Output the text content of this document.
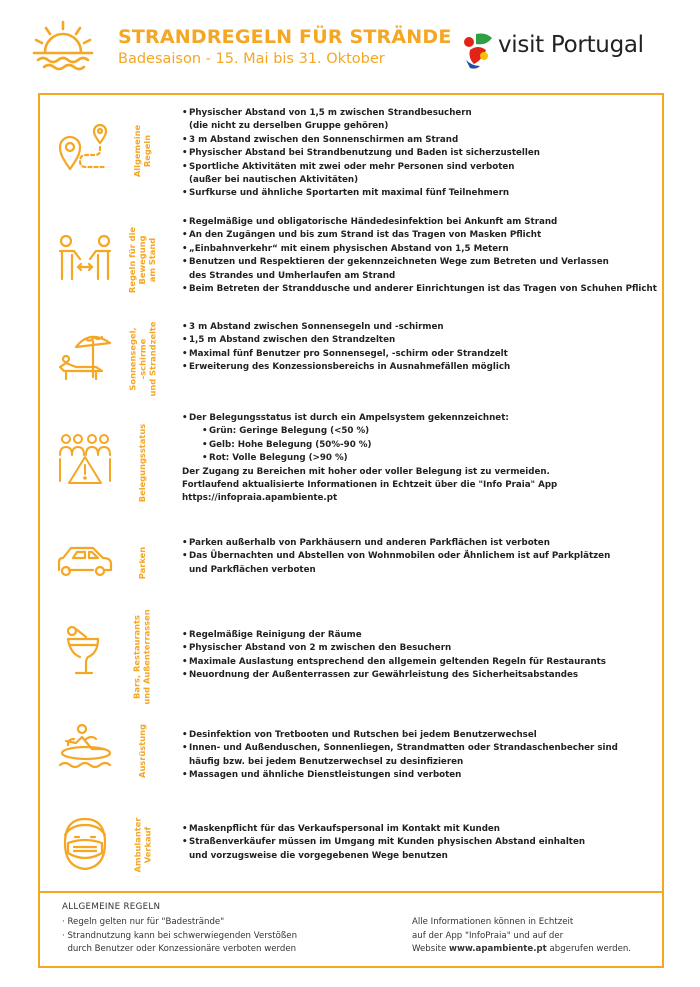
STRANDREGELN FÜR STRÄNDE
Badesaison - 15. Mai bis 31. Oktober
visit Portugal
Allgemeine Regeln
• Physischer Abstand von 1,5 m zwischen Strandbesuchern
(die nicht zu derselben Gruppe gehören)
• 3 m Abstand zwischen den Sonnenschirmen am Strand
• Physischer Abstand bei Strandbenutzung und Baden ist sicherzustellen
• Sportliche Aktivitäten mit zwei oder mehr Personen sind verboten
(außer bei nautischen Aktivitäten)
• Surfkurse und ähnliche Sportarten mit maximal fünf Teilnehmern
Regeln für die Bewegung am Stand
• Regelmäßige und obligatorische Händedesinfektion bei Ankunft am Strand
• An den Zugängen und bis zum Strand ist das Tragen von Masken Pflicht
• „Einbahnverkehr“ mit einem physischen Abstand von 1,5 Metern
• Benutzen und Respektieren der gekennzeichneten Wege zum Betreten und Verlassen
des Strandes und Umherlaufen am Strand
• Beim Betreten der Stranddusche und anderer Einrichtungen ist das Tragen von Schuhen Pflicht
Sonnensegel, -schirme und Strandzelte	• 3 m Abstand zwischen Sonnensegeln und -schirmen
• 1,5 m Abstand zwischen den Strandzelten
• Maximal fünf Benutzer pro Sonnensegel, -schirm oder Strandzelt
• Erweiterung des Konzessionsbereichs in Ausnahmefällen möglich
Belegungsstatus
• Der Belegungsstatus ist durch ein Ampelsystem gekennzeichnet:
• Grün: Geringe Belegung (<50 %)
• Gelb: Hohe Belegung (50%-90 %)
• Rot: Volle Belegung (>90 %)

Der Zugang zu Bereichen mit hoher oder voller Belegung ist zu vermeiden.

Fortlaufend aktualisierte Informationen in Echtzeit über die "Info Praia" App

https://infopraia.apambiente.pt

Parken
• Parken außerhalb von Parkhäusern und anderen Parkflächen ist verboten
• Das Übernachten und Abstellen von Wohnmobilen oder Ähnlichem ist auf Parkplätzen
und Parkflächen verboten
Bars, Restaurants und Außenterrassen	• Regelmäßige Reinigung der Räume
• Physischer Abstand von 2 m zwischen den Besuchern
• Maximale Auslastung entsprechend den allgemein geltenden Regeln für Restaurants
• Neuordnung der Außenterrassen zur Gewährleistung des Sicherheitsabstandes
Ausrüstung	• Desinfektion von Tretbooten und Rutschen bei jedem Benutzerwechsel
• Innen- und Außenduschen, Sonnenliegen, Strandmatten oder Strandaschenbecher sind
häufig bzw. bei jedem Benutzerwechsel zu desinfizieren
• Massagen und ähnliche Dienstleistungen sind verboten
Ambulanter Verkauf	• Maskenpflicht für das Verkaufspersonal im Kontakt mit Kunden
• Straßenverkäufer müssen im Umgang mit Kunden physischen Abstand einhalten
und vorzugsweise die vorgegebenen Wege benutzen
ALLGEMEINE REGELN
· Regeln gelten nur für "Badestrände"
· Strandnutzung kann bei schwerwiegenden Verstößen
durch Benutzer oder Konzessionäre verboten werden
Alle Informationen können in Echtzeit
auf der App "InfoPraia" und auf der
Website www.apambiente.pt abgerufen werden.
